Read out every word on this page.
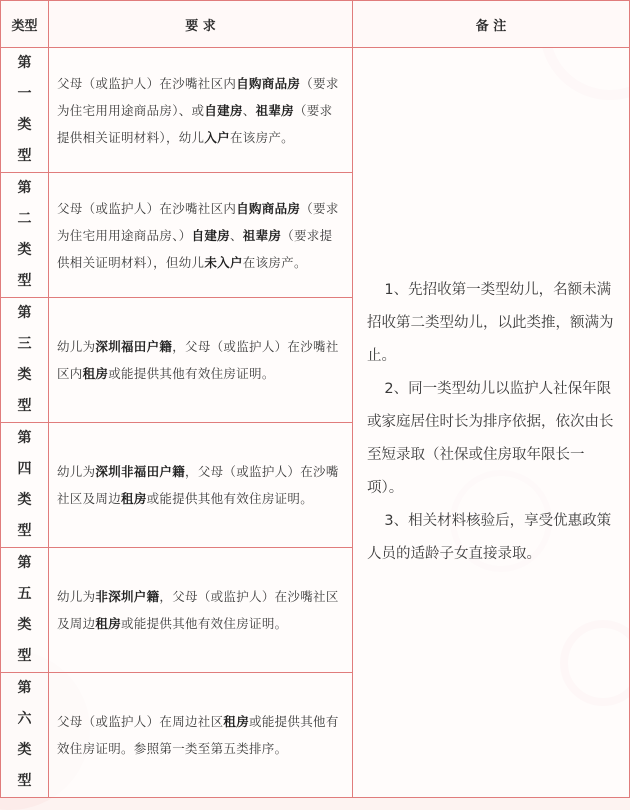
类型	要 求	备 注

第一类型	父母（或监护人）在沙嘴社区内自购商品房（要求为住宅用用途商品房）、或自建房、祖辈房（要求提供相关证明材料），幼儿入户在该房产。	1、先招收第一类型幼儿，名额未满招收第二类型幼儿，以此类推，额满为止。

2、同一类型幼儿以监护人社保年限或家庭居住时长为排序依据，依次由长至短录取（社保或住房取年限长一项）。

3、相关材料核验后，享受优惠政策人员的适龄子女直接录取。

第二类型	父母（或监护人）在沙嘴社区内自购商品房（要求为住宅用用途商品房、）自建房、祖辈房（要求提供相关证明材料），但幼儿未入户在该房产。	

第三类型	幼儿为深圳福田户籍，父母（或监护人）在沙嘴社区内租房或能提供其他有效住房证明。	

第四类型	幼儿为深圳非福田户籍，父母（或监护人）在沙嘴社区及周边租房或能提供其他有效住房证明。	

第五类型	幼儿为非深圳户籍，父母（或监护人）在沙嘴社区及周边租房或能提供其他有效住房证明。	

第六类型	父母（或监护人）在周边社区租房或能提供其他有效住房证明。参照第一类至第五类排序。	
